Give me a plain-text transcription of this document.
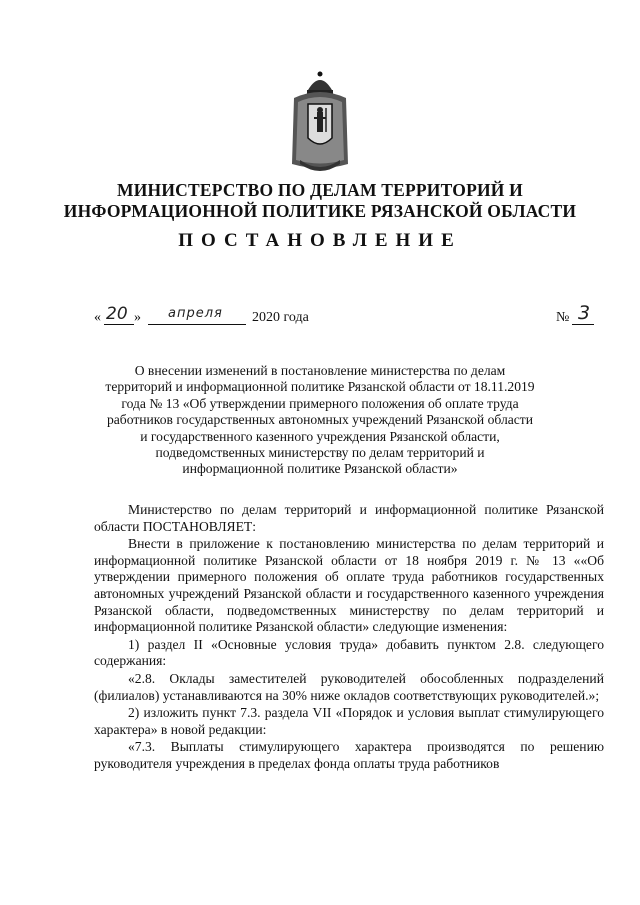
МИНИСТЕРСТВО ПО ДЕЛАМ ТЕРРИТОРИЙ И
ИНФОРМАЦИОННОЙ ПОЛИТИКЕ РЯЗАНСКОЙ ОБЛАСТИ
ПОСТАНОВЛЕНИЕ
« 20 » апреля 2020 года	№ 3
О внесении изменений в постановление министерства по делам
территорий и информационной политике Рязанской области от 18.11.2019
года № 13 «Об утверждении примерного положения об оплате труда
работников государственных автономных учреждений Рязанской области
и государственного казенного учреждения Рязанской области,
подведомственных министерству по делам территорий и
информационной политике Рязанской области»

Министерство по делам территорий и информационной политике Рязанской области ПОСТАНОВЛЯЕТ:

Внести в приложение к постановлению министерства по делам территорий и информационной политике Рязанской области от 18 ноября 2019 г. № 13 ««Об утверждении примерного положения об оплате труда работников государственных автономных учреждений Рязанской области и государственного казенного учреждения Рязанской области, подведомственных министерству по делам территорий и информационной политике Рязанской области» следующие изменения:

1) раздел II «Основные условия труда» добавить пунктом 2.8. следующего содержания:

«2.8. Оклады заместителей руководителей обособленных подразделений (филиалов) устанавливаются на 30% ниже окладов соответствующих руководителей.»;

2) изложить пункт 7.3. раздела VII «Порядок и условия выплат стимулирующего характера» в новой редакции:

«7.3. Выплаты стимулирующего характера производятся по решению руководителя учреждения в пределах фонда оплаты труда работников
